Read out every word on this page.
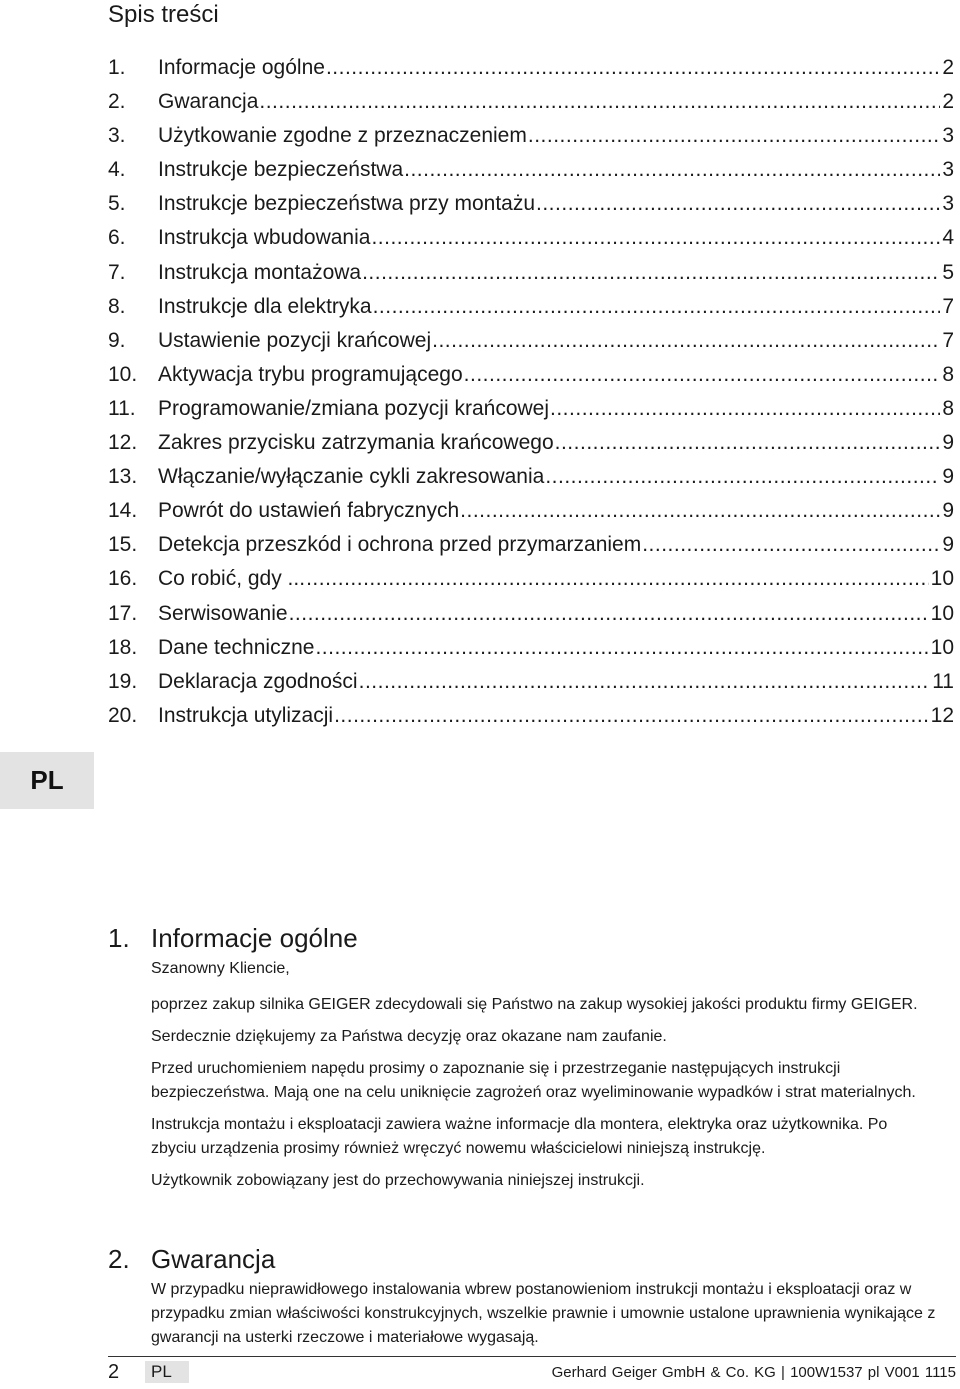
Spis treści
1.	Informacje ogólne .....	2
2.	Gwarancja .....	2
3.	Użytkowanie zgodne z przeznaczeniem .....	3
4.	Instrukcje bezpieczeństwa .....	3
5.	Instrukcje bezpieczeństwa przy montażu .....	3
6.	Instrukcja wbudowania .....	4
7.	Instrukcja montażowa .....	5
8.	Instrukcje dla elektryka .....	7
9.	Ustawienie pozycji krańcowej .....	7
10. Aktywacja trybu programującego .....	8
11.	Programowanie/zmiana pozycji krańcowej .....	8
12. Zakres przycisku zatrzymania krańcowego .....	9
13. Włączanie/wyłączanie cykli zakresowania .....	9
14. Powrót do ustawień fabrycznych .....	9
15. Detekcja przeszkód i ochrona przed przymarzaniem .....	9
16. Co robić, gdy ... .....	10
17. Serwisowanie .....	10
18. Dane techniczne .....	10
19. Deklaracja zgodności .....	11
20. Instrukcja utylizacji .....	12
PL
1. Informacje ogólne

Szanowny Kliencie,

poprzez zakup silnika GEIGER zdecydowali się Państwo na zakup wysokiej jakości produktu firmy GEIGER.

Serdecznie dziękujemy za Państwa decyzję oraz okazane nam zaufanie.

Przed uruchomieniem napędu prosimy o zapoznanie się i przestrzeganie następujących instrukcji bezpieczeństwa. Mają one na celu uniknięcie zagrożeń oraz wyeliminowanie wypadków i strat materialnych.

Instrukcja montażu i eksploatacji zawiera ważne informacje dla montera, elektryka oraz użytkownika. Po zbyciu urządzenia prosimy również wręczyć nowemu właścicielowi niniejszą instrukcję.

Użytkownik zobowiązany jest do przechowywania niniejszej instrukcji.

2. Gwarancja

W przypadku nieprawidłowego instalowania wbrew postanowieniom instrukcji montażu i eksploatacji oraz w przypadku zmian właściwości konstrukcyjnych, wszelkie prawnie i umownie ustalone uprawnienia wynikające z gwarancji na usterki rzeczowe i materiałowe wygasają.

2	PL	Gerhard Geiger GmbH & Co. KG | 100W1537 pl V001 1115
